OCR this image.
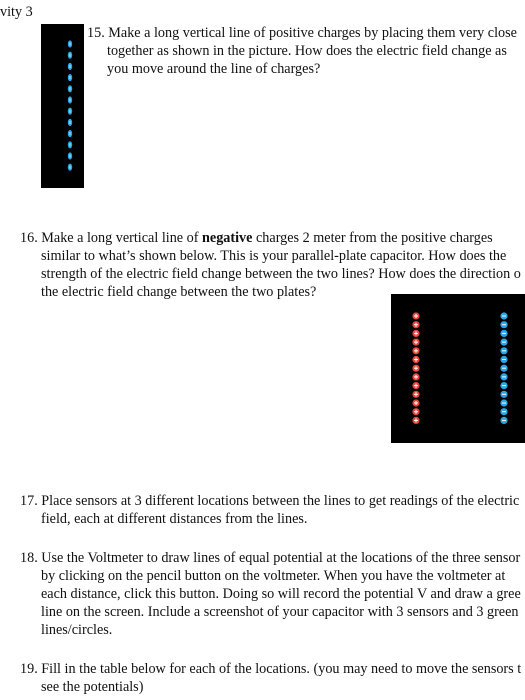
vity 3
15. Make a long vertical line of positive charges by placing them very close
together as shown in the picture. How does the electric field change as
you move around the line of charges?
16. Make a long vertical line of negative charges 2 meter from the positive charges
similar to what’s shown below. This is your parallel-plate capacitor. How does the
strength of the electric field change between the two lines? How does the direction o
the electric field change between the two plates?
17. Place sensors at 3 different locations between the lines to get readings of the electric
field, each at different distances from the lines.
18. Use the Voltmeter to draw lines of equal potential at the locations of the three sensor
by clicking on the pencil button on the voltmeter. When you have the voltmeter at
each distance, click this button. Doing so will record the potential V and draw a gree
line on the screen. Include a screenshot of your capacitor with 3 sensors and 3 green
lines/circles.
19. Fill in the table below for each of the locations. (you may need to move the sensors t
see the potentials)
